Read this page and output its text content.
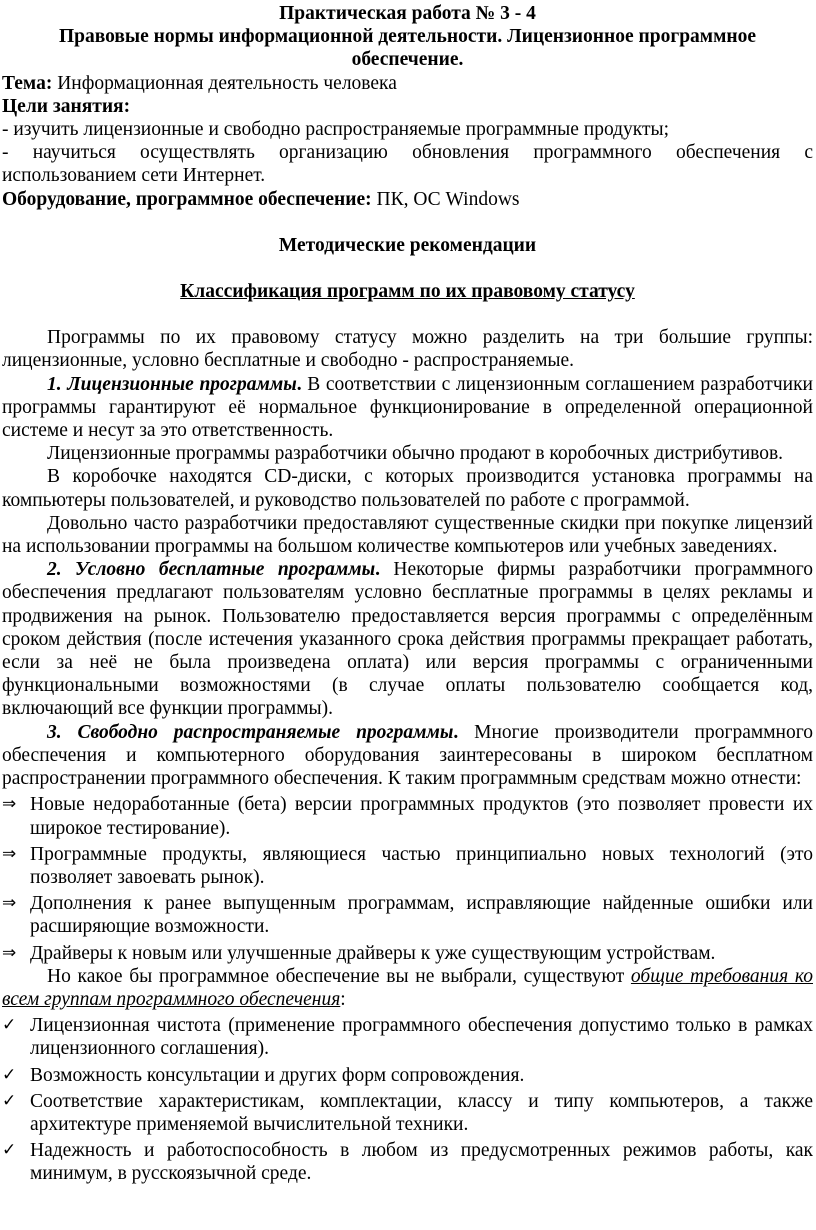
Практическая работа № 3 - 4

Правовые нормы информационной деятельности. Лицензионное программное обеспечение.

Тема: Информационная деятельность человека

Цели занятия:

- изучить лицензионные и свободно распространяемые программные продукты;

- научиться осуществлять организацию обновления программного обеспечения с использованием сети Интернет.

Оборудование, программное обеспечение: ПК, ОС Windows

Методические рекомендации

Классификация программ по их правовому статусу

Программы по их правовому статусу можно разделить на три большие группы: лицензионные, условно бесплатные и свободно - распространяемые.

1. Лицензионные программы. В соответствии с лицензионным соглашением разработчики программы гарантируют её нормальное функционирование в определенной операционной системе и несут за это ответственность.

Лицензионные программы разработчики обычно продают в коробочных дистрибутивов.

В коробочке находятся CD-диски, с которых производится установка программы на компьютеры пользователей, и руководство пользователей по работе с программой.

Довольно часто разработчики предоставляют существенные скидки при покупке лицензий на использовании программы на большом количестве компьютеров или учебных заведениях.

2. Условно бесплатные программы. Некоторые фирмы разработчики программного обеспечения предлагают пользователям условно бесплатные программы в целях рекламы и продвижения на рынок. Пользователю предоставляется версия программы с определённым сроком действия (после истечения указанного срока действия программы прекращает работать, если за неё не была произведена оплата) или версия программы с ограниченными функциональными возможностями (в случае оплаты пользователю сообщается код, включающий все функции программы).

3. Свободно распространяемые программы. Многие производители программного обеспечения и компьютерного оборудования заинтересованы в широком бесплатном распространении программного обеспечения. К таким программным средствам можно отнести:

⇒ Новые недоработанные (бета) версии программных продуктов (это позволяет провести их широкое тестирование).
⇒ Программные продукты, являющиеся частью принципиально новых технологий (это позволяет завоевать рынок).
⇒ Дополнения к ранее выпущенным программам, исправляющие найденные ошибки или расширяющие возможности.
⇒ Драйверы к новым или улучшенные драйверы к уже существующим устройствам.

Но какое бы программное обеспечение вы не выбрали, существуют общие требования ко всем группам программного обеспечения:

✓ Лицензионная чистота (применение программного обеспечения допустимо только в рамках лицензионного соглашения).
✓ Возможность консультации и других форм сопровождения.
✓ Соответствие характеристикам, комплектации, классу и типу компьютеров, а также архитектуре применяемой вычислительной техники.
✓ Надежность и работоспособность в любом из предусмотренных режимов работы, как минимум, в русскоязычной среде.
